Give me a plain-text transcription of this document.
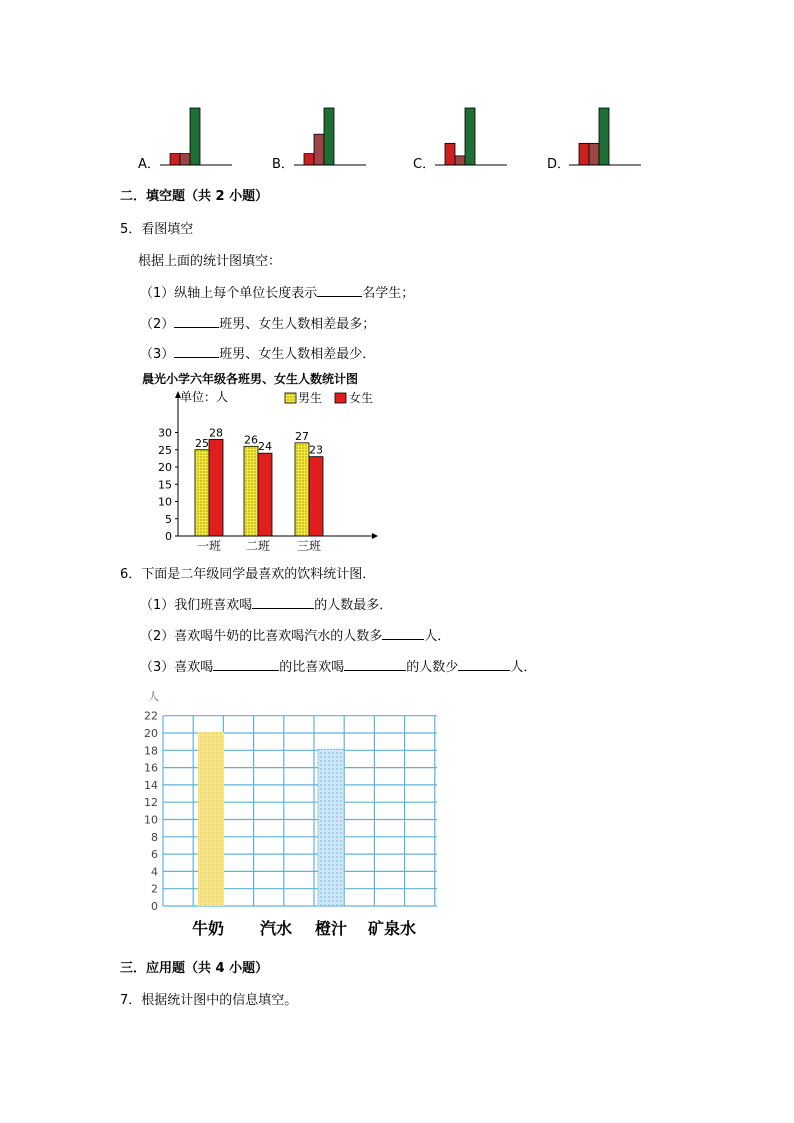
A．	B．	C．	D．
二．填空题（共 2 小题）
5．看图填空
根据上面的统计图填空：
（1）纵轴上每个单位长度表示	名学生；
（2）	班男、女生人数相差最多；
（3）	班男、女生人数相差最少．
晨光小学六年级各班男、女生人数统计图
单位：人	男生 女生
0
5
10
15
20
25
30
25
28
一班
26
24
二班
27
23
三班
6．下面是二年级同学最喜欢的饮料统计图．
（1）我们班喜欢喝	的人数最多．
（2）喜欢喝牛奶的比喜欢喝汽水的人数多	人．
（3）喜欢喝	的比喜欢喝	的人数少	人．
人
0
2
4
6
8
10
12
14
16
18
20
22
牛奶 汽水 橙汁 矿泉水
三．应用题（共 4 小题）
7．根据统计图中的信息填空。
